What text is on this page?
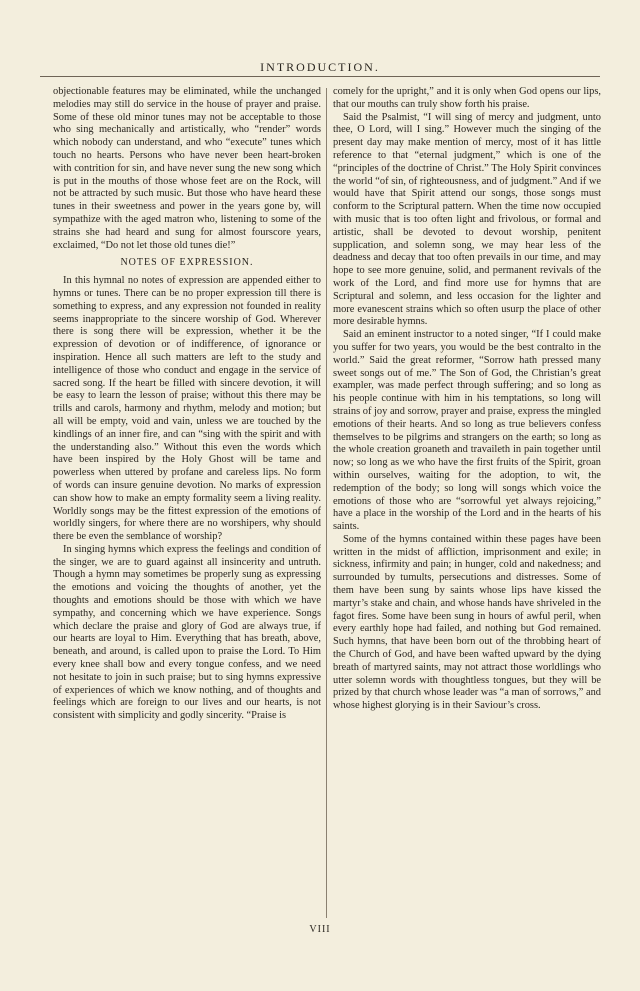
INTRODUCTION.

objectionable features may be eliminated, while the unchanged melodies may still do service in the house of prayer and praise. Some of these old minor tunes may not be acceptable to those who sing mechanically and artistically, who “render” words which nobody can understand, and who “execute” tunes which touch no hearts. Persons who have never been heart-broken with contrition for sin, and have never sung the new song which is put in the mouths of those whose feet are on the Rock, will not be attracted by such music. But those who have heard these tunes in their sweetness and power in the years gone by, will sympathize with the aged matron who, listening to some of the strains she had heard and sung for almost fourscore years, exclaimed, “Do not let those old tunes die!”

NOTES OF EXPRESSION.

In this hymnal no notes of expression are appended either to hymns or tunes. There can be no proper expression till there is something to express, and any expression not founded in reality seems inappropriate to the sincere worship of God. Wherever there is song there will be expression, whether it be the expression of devotion or of indifference, of ignorance or inspiration. Hence all such matters are left to the study and intelligence of those who conduct and engage in the service of sacred song. If the heart be filled with sincere devotion, it will be easy to learn the lesson of praise; without this there may be trills and carols, harmony and rhythm, melody and motion; but all will be empty, void and vain, unless we are touched by the kindlings of an inner fire, and can “sing with the spirit and with the understanding also.” Without this even the words which have been inspired by the Holy Ghost will be tame and powerless when uttered by profane and careless lips. No form of words can insure genuine devotion. No marks of expression can show how to make an empty formality seem a living reality. Worldly songs may be the fittest expression of the emotions of worldly singers, for where there are no worshipers, why should there be even the semblance of worship?

In singing hymns which express the feelings and condition of the singer, we are to guard against all insincerity and untruth. Though a hymn may sometimes be properly sung as expressing the emotions and voicing the thoughts of another, yet the thoughts and emotions should be those with which we have sympathy, and concerning which we have experience. Songs which declare the praise and glory of God are always true, if our hearts are loyal to Him. Everything that has breath, above, beneath, and around, is called upon to praise the Lord. To Him every knee shall bow and every tongue confess, and we need not hesitate to join in such praise; but to sing hymns expressive of experiences of which we know nothing, and of thoughts and feelings which are foreign to our lives and our hearts, is not consistent with simplicity and godly sincerity. “Praise is

comely for the upright,” and it is only when God opens our lips, that our mouths can truly show forth his praise.

Said the Psalmist, “I will sing of mercy and judgment, unto thee, O Lord, will I sing.” However much the singing of the present day may make mention of mercy, most of it has little reference to that “eternal judgment,” which is one of the “principles of the doctrine of Christ.” The Holy Spirit convinces the world “of sin, of righteousness, and of judgment.” And if we would have that Spirit attend our songs, those songs must conform to the Scriptural pattern. When the time now occupied with music that is too often light and frivolous, or formal and artistic, shall be devoted to devout worship, penitent supplication, and solemn song, we may hear less of the deadness and decay that too often prevails in our time, and may hope to see more genuine, solid, and permanent revivals of the work of the Lord, and find more use for hymns that are Scriptural and solemn, and less occasion for the lighter and more evanescent strains which so often usurp the place of other more desirable hymns.

Said an eminent instructor to a noted singer, “If I could make you suffer for two years, you would be the best contralto in the world.” Said the great reformer, “Sorrow hath pressed many sweet songs out of me.” The Son of God, the Christian’s great exampler, was made perfect through suffering; and so long as his people continue with him in his temptations, so long will strains of joy and sorrow, prayer and praise, express the mingled emotions of their hearts. And so long as true believers confess themselves to be pilgrims and strangers on the earth; so long as the whole creation groaneth and travaileth in pain together until now; so long as we who have the first fruits of the Spirit, groan within ourselves, waiting for the adoption, to wit, the redemption of the body; so long will songs which voice the emotions of those who are “sorrowful yet always rejoicing,” have a place in the worship of the Lord and in the hearts of his saints.

Some of the hymns contained within these pages have been written in the midst of affliction, imprisonment and exile; in sickness, infirmity and pain; in hunger, cold and nakedness; and surrounded by tumults, persecutions and distresses. Some of them have been sung by saints whose lips have kissed the martyr’s stake and chain, and whose hands have shriveled in the fagot fires. Some have been sung in hours of awful peril, when every earthly hope had failed, and nothing but God remained. Such hymns, that have been born out of the throbbing heart of the Church of God, and have been wafted upward by the dying breath of martyred saints, may not attract those worldlings who utter solemn words with thoughtless tongues, but they will be prized by that church whose leader was “a man of sorrows,” and whose highest glorying is in their Saviour’s cross.

VIII
